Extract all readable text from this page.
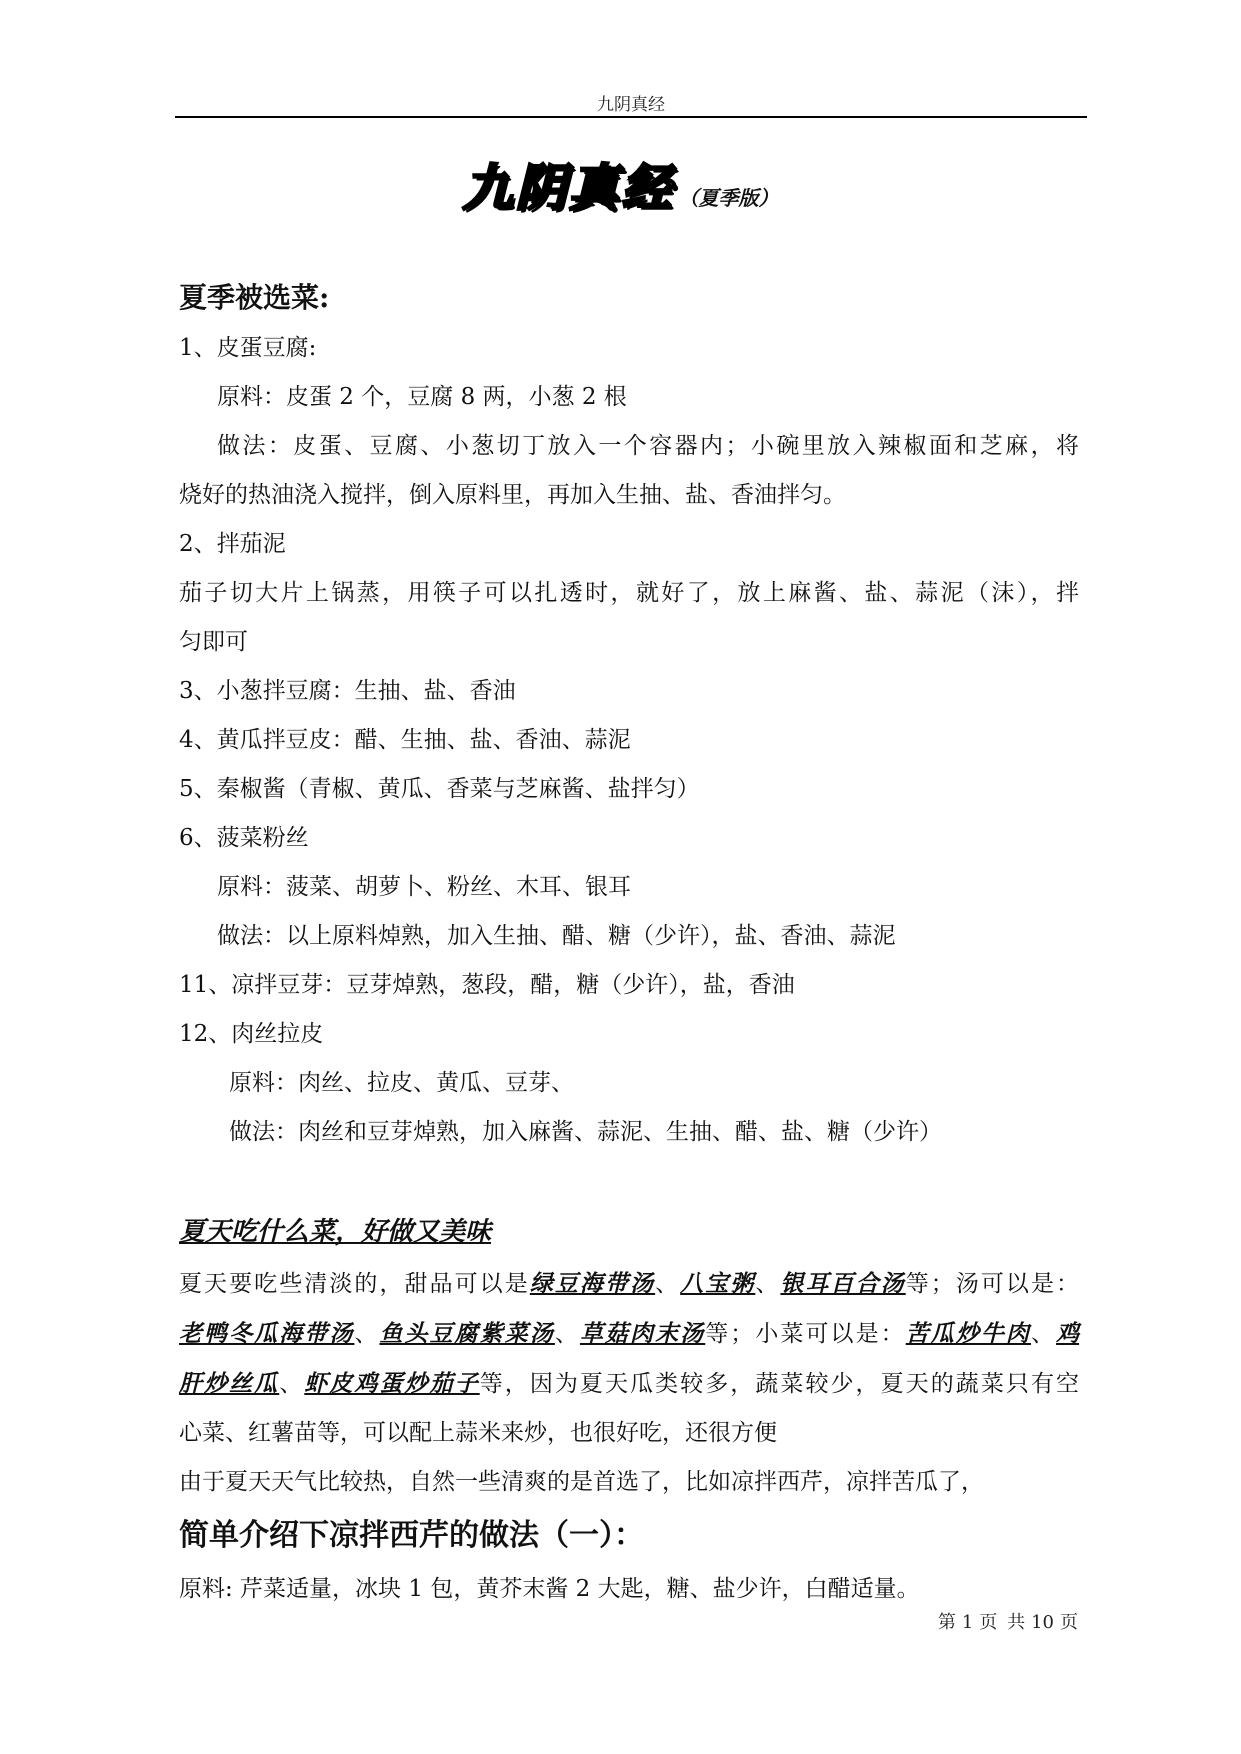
九阴真经
九阴真经 （夏季版）

夏季被选菜:

1、皮蛋豆腐:

原料：皮蛋 2 个，豆腐 8 两，小葱 2 根

做法：皮蛋、豆腐、小葱切丁放入一个容器内；小碗里放入辣椒面和芝麻，将

烧好的热油浇入搅拌，倒入原料里，再加入生抽、盐、香油拌匀。

2、拌茄泥

茄子切大片上锅蒸，用筷子可以扎透时，就好了，放上麻酱、盐、蒜泥（沫），拌

匀即可

3、小葱拌豆腐：生抽、盐、香油

4、黄瓜拌豆皮：醋、生抽、盐、香油、蒜泥

5、秦椒酱（青椒、黄瓜、香菜与芝麻酱、盐拌匀）

6、菠菜粉丝

原料：菠菜、胡萝卜、粉丝、木耳、银耳

做法：以上原料焯熟，加入生抽、醋、糖（少许），盐、香油、蒜泥

11、凉拌豆芽：豆芽焯熟，葱段，醋，糖（少许），盐，香油

12、肉丝拉皮

原料：肉丝、拉皮、黄瓜、豆芽、

做法：肉丝和豆芽焯熟，加入麻酱、蒜泥、生抽、醋、盐、糖（少许）

夏天吃什么菜，好做又美味

夏天要吃些清淡的，甜品可以是绿豆海带汤、八宝粥、银耳百合汤等；汤可以是：

老鸭冬瓜海带汤、鱼头豆腐紫菜汤、草菇肉末汤等；小菜可以是：苦瓜炒牛肉、鸡

肝炒丝瓜、虾皮鸡蛋炒茄子等，因为夏天瓜类较多，蔬菜较少，夏天的蔬菜只有空

心菜、红薯苗等，可以配上蒜米来炒，也很好吃，还很方便

由于夏天天气比较热，自然一些清爽的是首选了，比如凉拌西芹，凉拌苦瓜了，

简单介绍下凉拌西芹的做法（一）：

原料: 芹菜适量，冰块 1 包，黄芥末酱 2 大匙，糖、盐少许，白醋适量。

第 1 页 共 10 页
